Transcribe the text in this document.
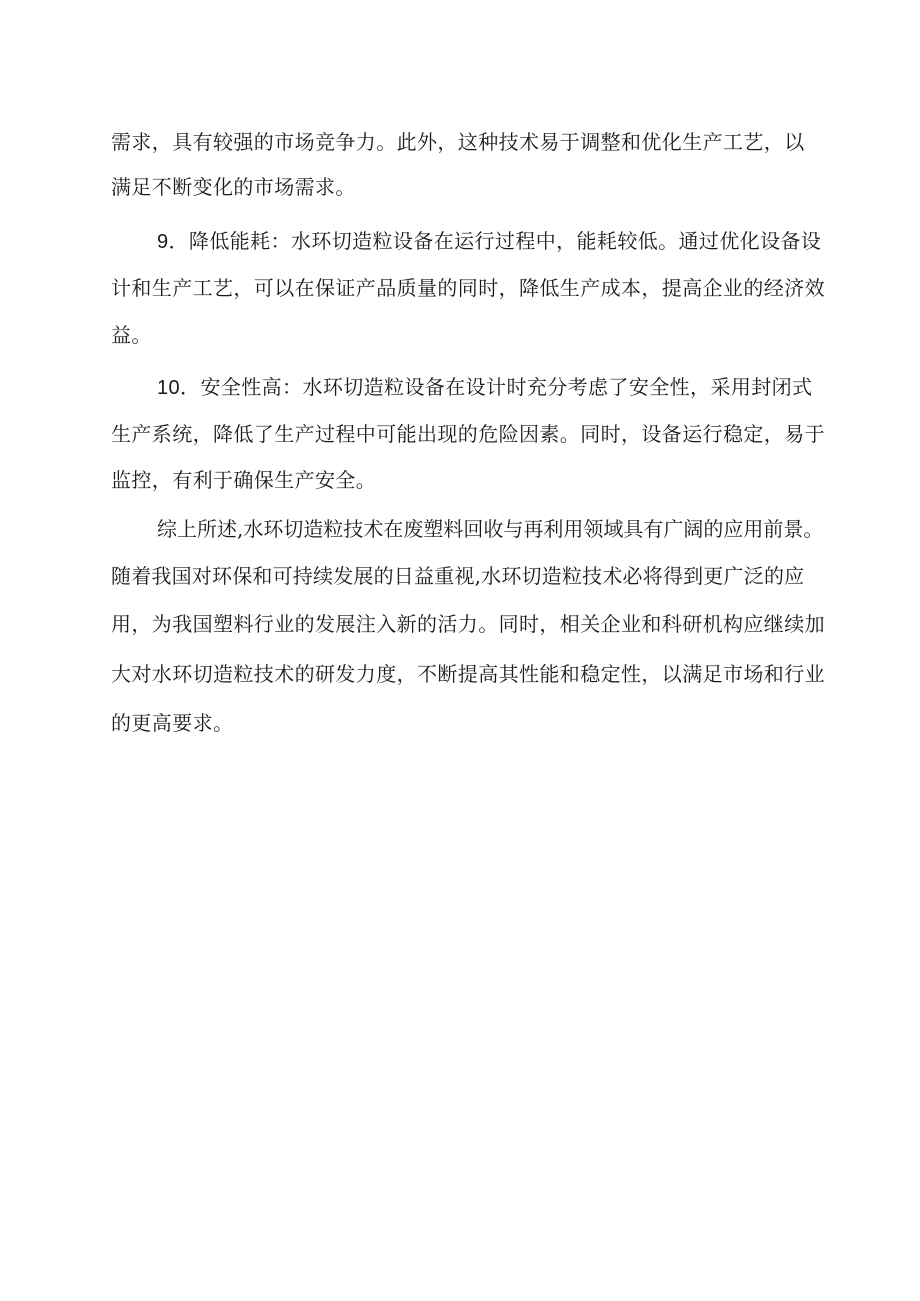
需求，具有较强的市场竞争力。此外，这种技术易于调整和优化生产工艺，以
满足不断变化的市场需求。
9．降低能耗：水环切造粒设备在运行过程中，能耗较低。通过优化设备设
计和生产工艺，可以在保证产品质量的同时，降低生产成本，提高企业的经济效
益。
10．安全性高：水环切造粒设备在设计时充分考虑了安全性，采用封闭式
生产系统，降低了生产过程中可能出现的危险因素。同时，设备运行稳定，易于
监控，有利于确保生产安全。
综上所述,水环切造粒技术在废塑料回收与再利用领域具有广阔的应用前景。
随着我国对环保和可持续发展的日益重视,水环切造粒技术必将得到更广泛的应
用，为我国塑料行业的发展注入新的活力。同时，相关企业和科研机构应继续加
大对水环切造粒技术的研发力度，不断提高其性能和稳定性，以满足市场和行业
的更高要求。
